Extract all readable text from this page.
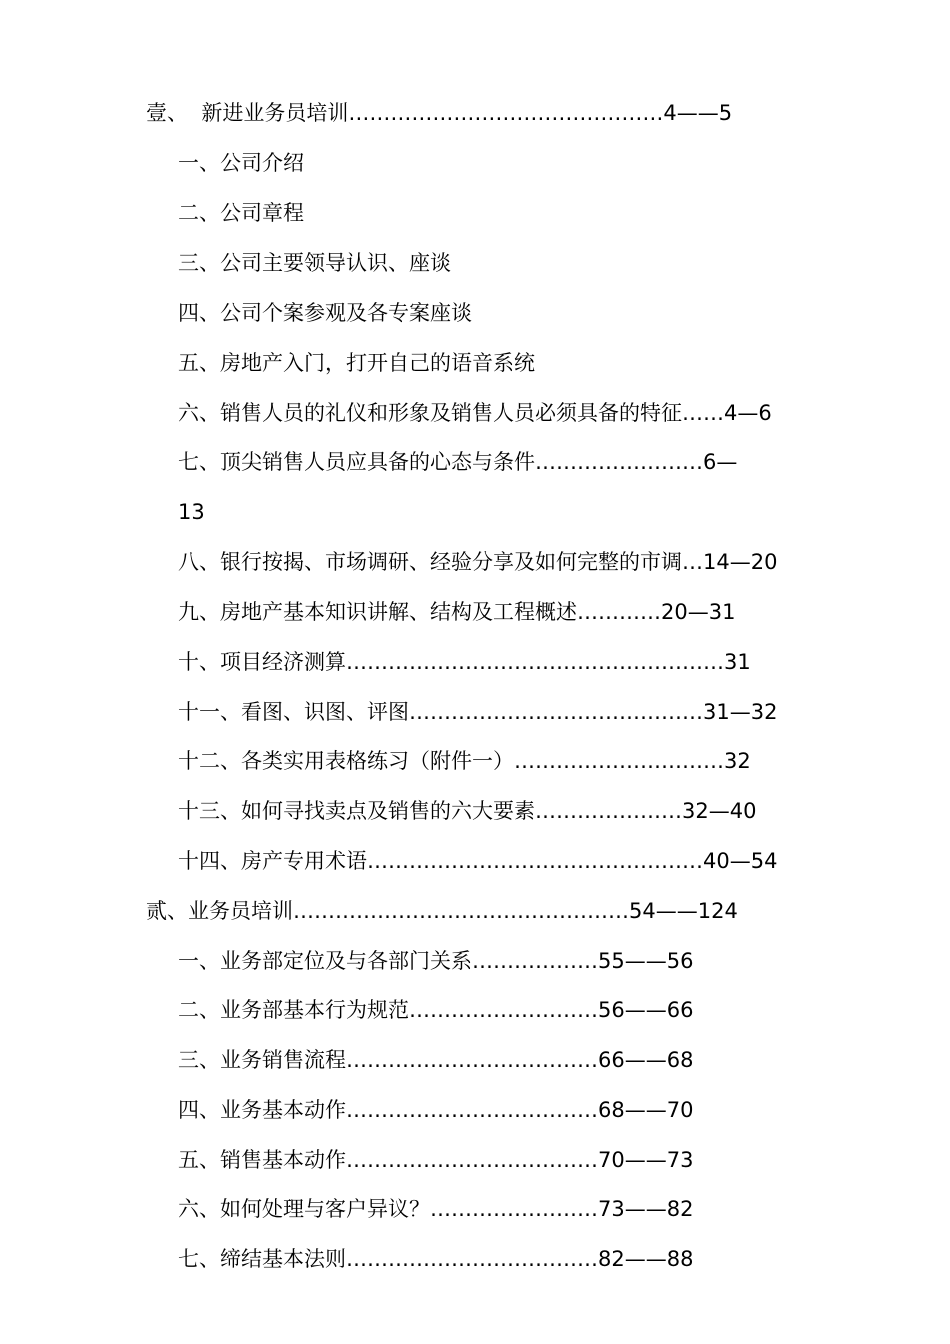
壹、  新进业务员培训………………………………………4——5
一、公司介绍
二、公司章程
三、公司主要领导认识、座谈
四、公司个案参观及各专案座谈
五、房地产入门，打开自己的语音系统
六、销售人员的礼仪和形象及销售人员必须具备的特征……4—6
七、顶尖销售人员应具备的心态与条件……………………6—
13
八、银行按揭、市场调研、经验分享及如何完整的市调…14—20
九、房地产基本知识讲解、结构及工程概述…………20—31
十、项目经济测算………………………………………………31
十一、看图、识图、评图……………………………………31—32
十二、各类实用表格练习（附件一）…………………………32
十三、如何寻找卖点及销售的六大要素…………………32—40
十四、房产专用术语…………………………………………40—54
贰、业务员培训…………………………………………54——124
一、业务部定位及与各部门关系………………55——56
二、业务部基本行为规范………………………56——66
三、业务销售流程………………………………66——68
四、业务基本动作………………………………68——70
五、销售基本动作………………………………70——73
六、如何处理与客户异议？……………………73——82
七、缔结基本法则………………………………82——88
